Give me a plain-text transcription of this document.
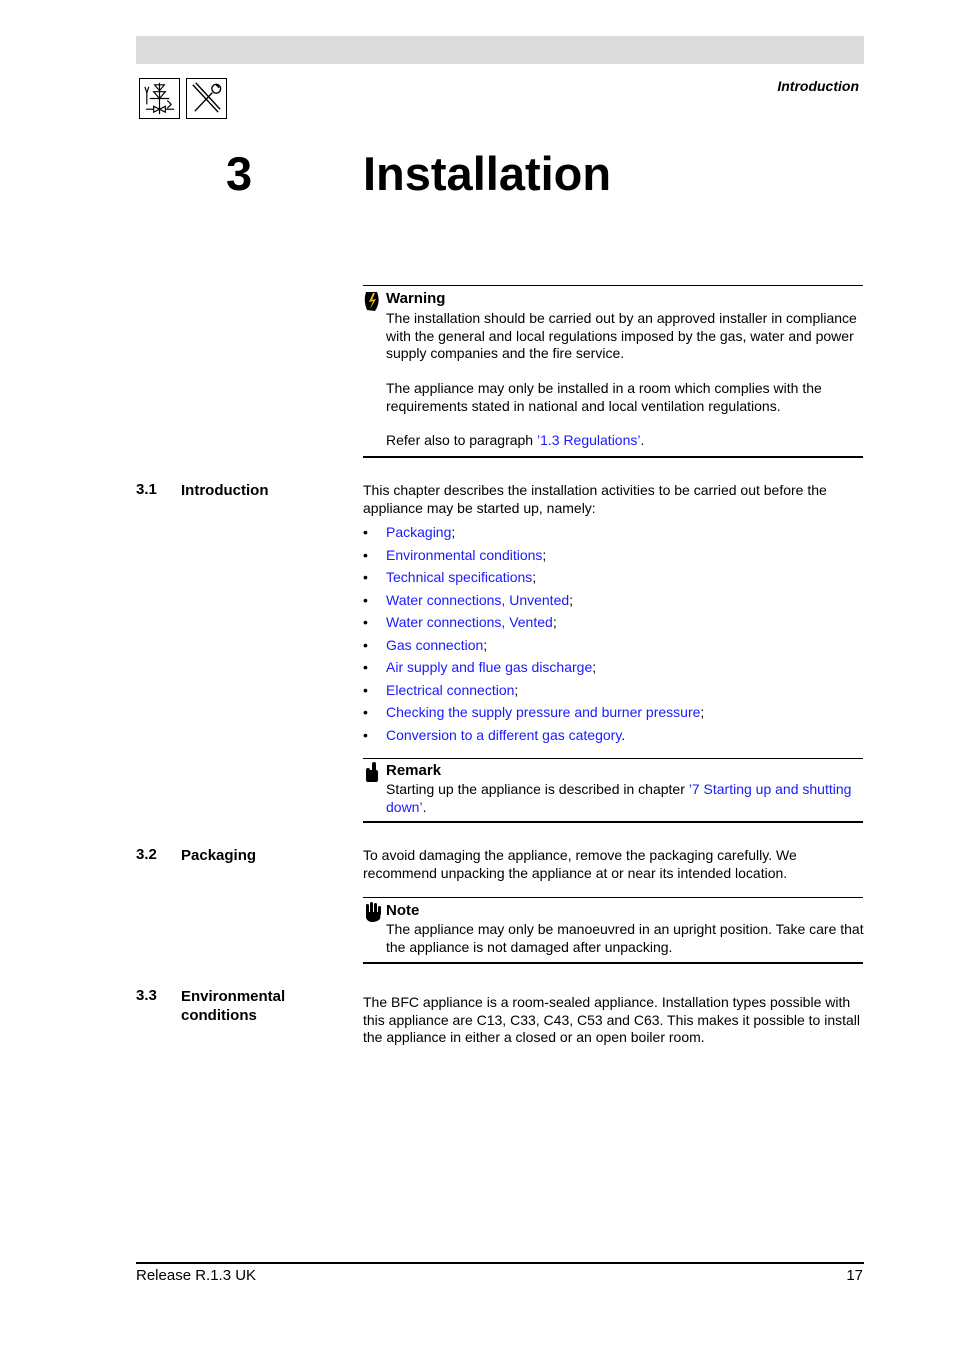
Introduction
3 Installation
Warning

The installation should be carried out by an approved installer in compliance with the general and local regulations imposed by the gas, water and power supply companies and the fire service.

The appliance may only be installed in a room which complies with the requirements stated in national and local ventilation regulations.

Refer also to paragraph ’1.3 Regulations’.

3.1 Introduction	This chapter describes the installation activities to be carried out before the appliance may be started up, namely:

• Packaging;
• Environmental conditions;
• Technical specifications;
• Water connections, Unvented;
• Water connections, Vented;
• Gas connection;
• Air supply and flue gas discharge;
• Electrical connection;
• Checking the supply pressure and burner pressure;
• Conversion to a different gas category.
Remark

Starting up the appliance is described in chapter ’7 Starting up and shutting
down’.

3.2 Packaging	To avoid damaging the appliance, remove the packaging carefully. We recommend unpacking the appliance at or near its intended location.

Note

The appliance may only be manoeuvred in an upright position. Take care that the appliance is not damaged after unpacking.

3.3 Environmental conditions

The BFC appliance is a room-sealed appliance. Installation types possible with this appliance are C13, C33, C43, C53 and C63. This makes it possible to install the appliance in either a closed or an open boiler room.

Release R.1.3 UK	17
